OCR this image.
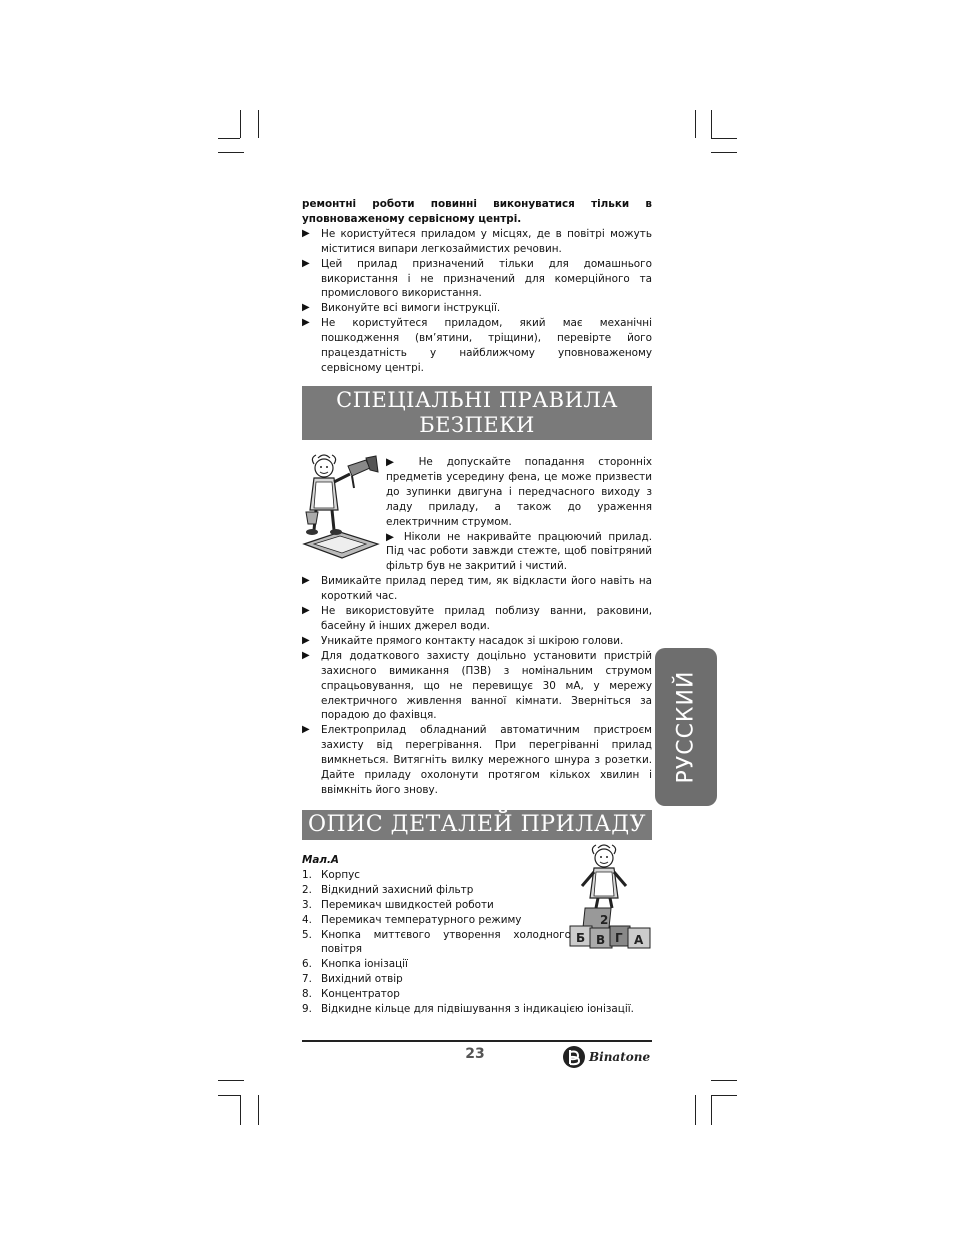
ремонтні роботи повинні виконуватися тільки в уповноваженому сервісному центрі.

▶ Не користуйтеся приладом у місцях, де в повітрі можуть міститися випари легкозаймистих речовин.

▶ Цей прилад призначений тільки для домашнього використання і не призначений для комерційного та промислового використання.

▶ Виконуйте всі вимоги інструкції.

▶ Не користуйтеся приладом, який має механічні пошкодження (вм’ятини, тріщини), перевірте його працездатність у найближчому уповноваженому сервісному центрі.

СПЕЦІАЛЬНІ ПРАВИЛА
БЕЗПЕКИ

▶ Не допускайте попадання сторонніх предметів усередину фена, це може призвести до зупинки двигуна і передчасного виходу з ладу приладу, а також до ураження електричним струмом.

▶ Ніколи не накривайте працюючий прилад. Під час роботи завжди стежте, щоб повітряний фільтр був не закритий і чистий.

▶ Вимикайте прилад перед тим, як відкласти його навіть на короткий час.

▶ Не використовуйте прилад поблизу ванни, раковини, басейну й інших джерел води.

▶ Уникайте прямого контакту насадок зі шкірою голови.

▶ Для додаткового захисту доцільно установити пристрій захисного вимикання (ПЗВ) з номінальним струмом спрацьовування, що не перевищує 30 мА, у мережу електричного живлення ванної кімнати. Зверніться за порадою до фахівця.

▶ Електроприлад обладнаний автоматичним пристроєм захисту від перегрівання. При перегріванні прилад вимкнеться. Витягніть вилку мережного шнура з розетки. Дайте приладу охолонути протягом кількох хвилин і ввімкніть його знову.

РУССКИЙ
ОПИС ДЕТАЛЕЙ ПРИЛАДУ
Б В Г А
2
Мал.А
1. Корпус
2. Відкидний захисний фільтр
3. Перемикач швидкостей роботи
4. Перемикач температурного режиму
5. Кнопка миттєвого утворення холодного повітря
6. Кнопка іонізації
7. Вихідний отвір
8. Концентратор
9. Відкидне кільце для підвішування з індикацією іонізації.
23	Binatone
